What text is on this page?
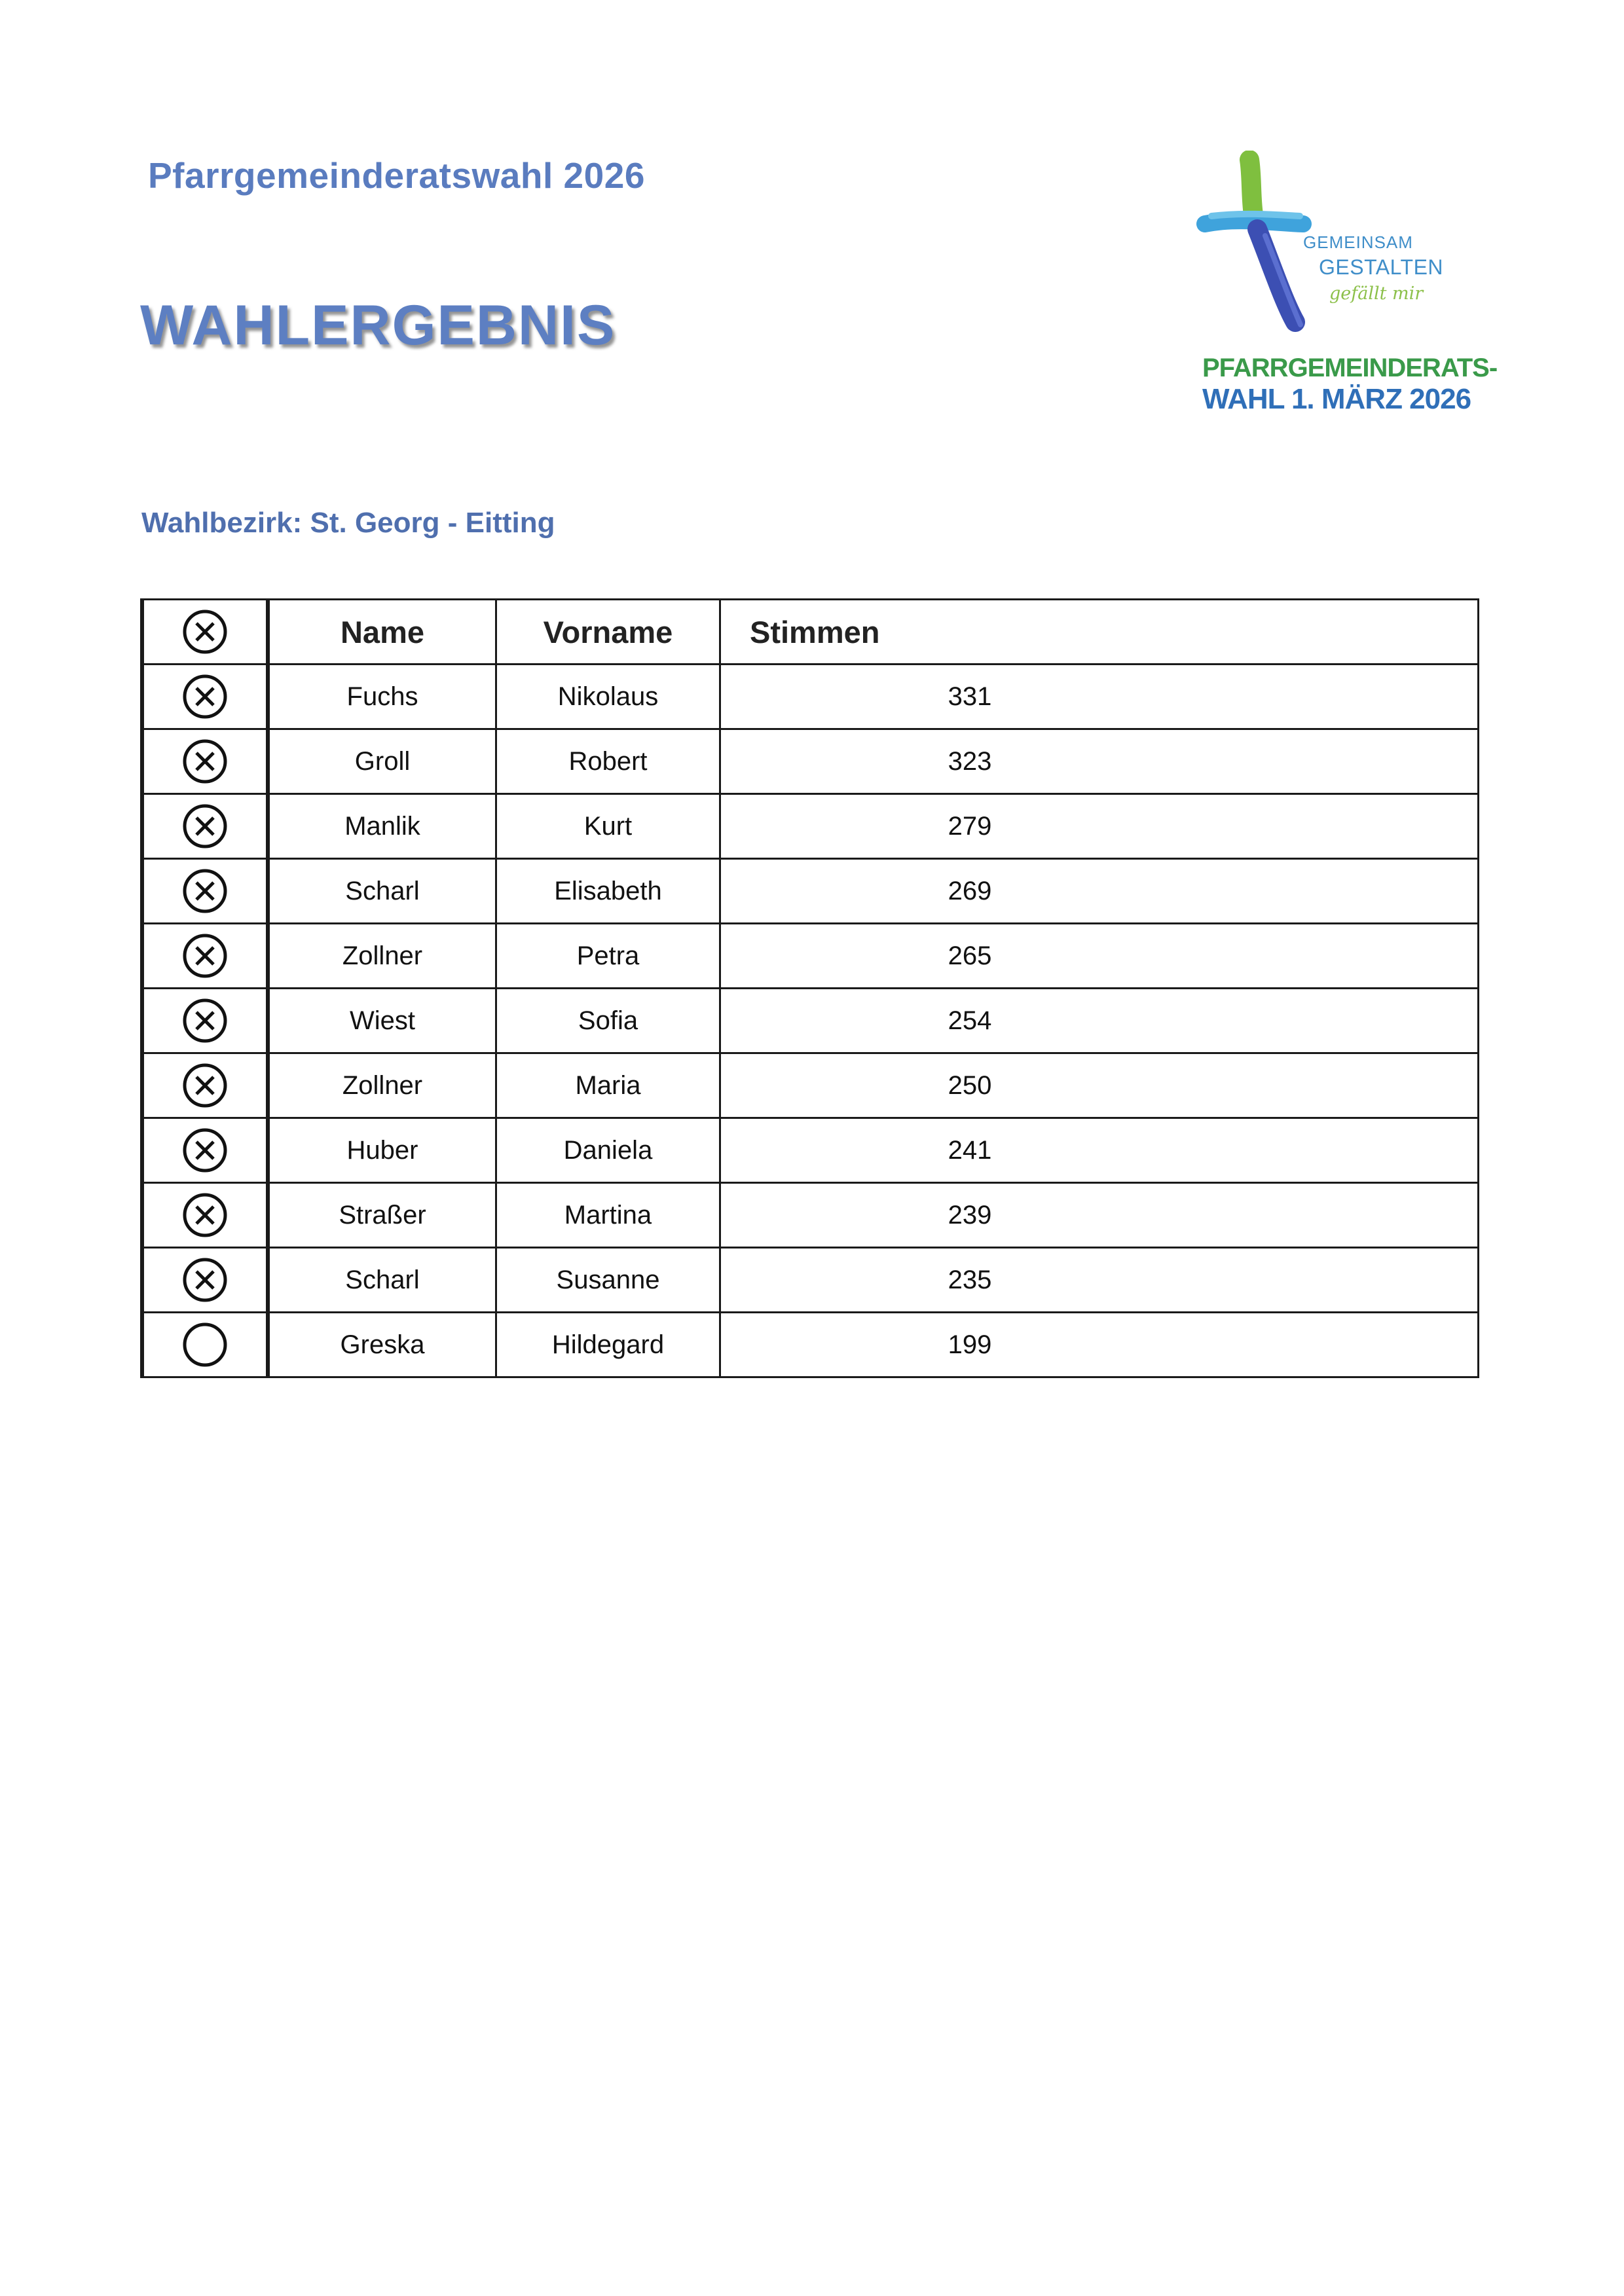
Pfarrgemeinderatswahl 2026
WAHLERGEBNIS
GEMEINSAM
GESTALTEN
gefällt mir
PFARRGEMEINDERATS-
WAHL 1. MÄRZ 2026
Wahlbezirk: St. Georg - Eitting
	Name	Vorname	Stimmen

	Fuchs	Nikolaus	331

	Groll	Robert	323

	Manlik	Kurt	279

	Scharl	Elisabeth	269

	Zollner	Petra	265

	Wiest	Sofia	254

	Zollner	Maria	250

	Huber	Daniela	241

	Straßer	Martina	239

	Scharl	Susanne	235

	Greska	Hildegard	199
